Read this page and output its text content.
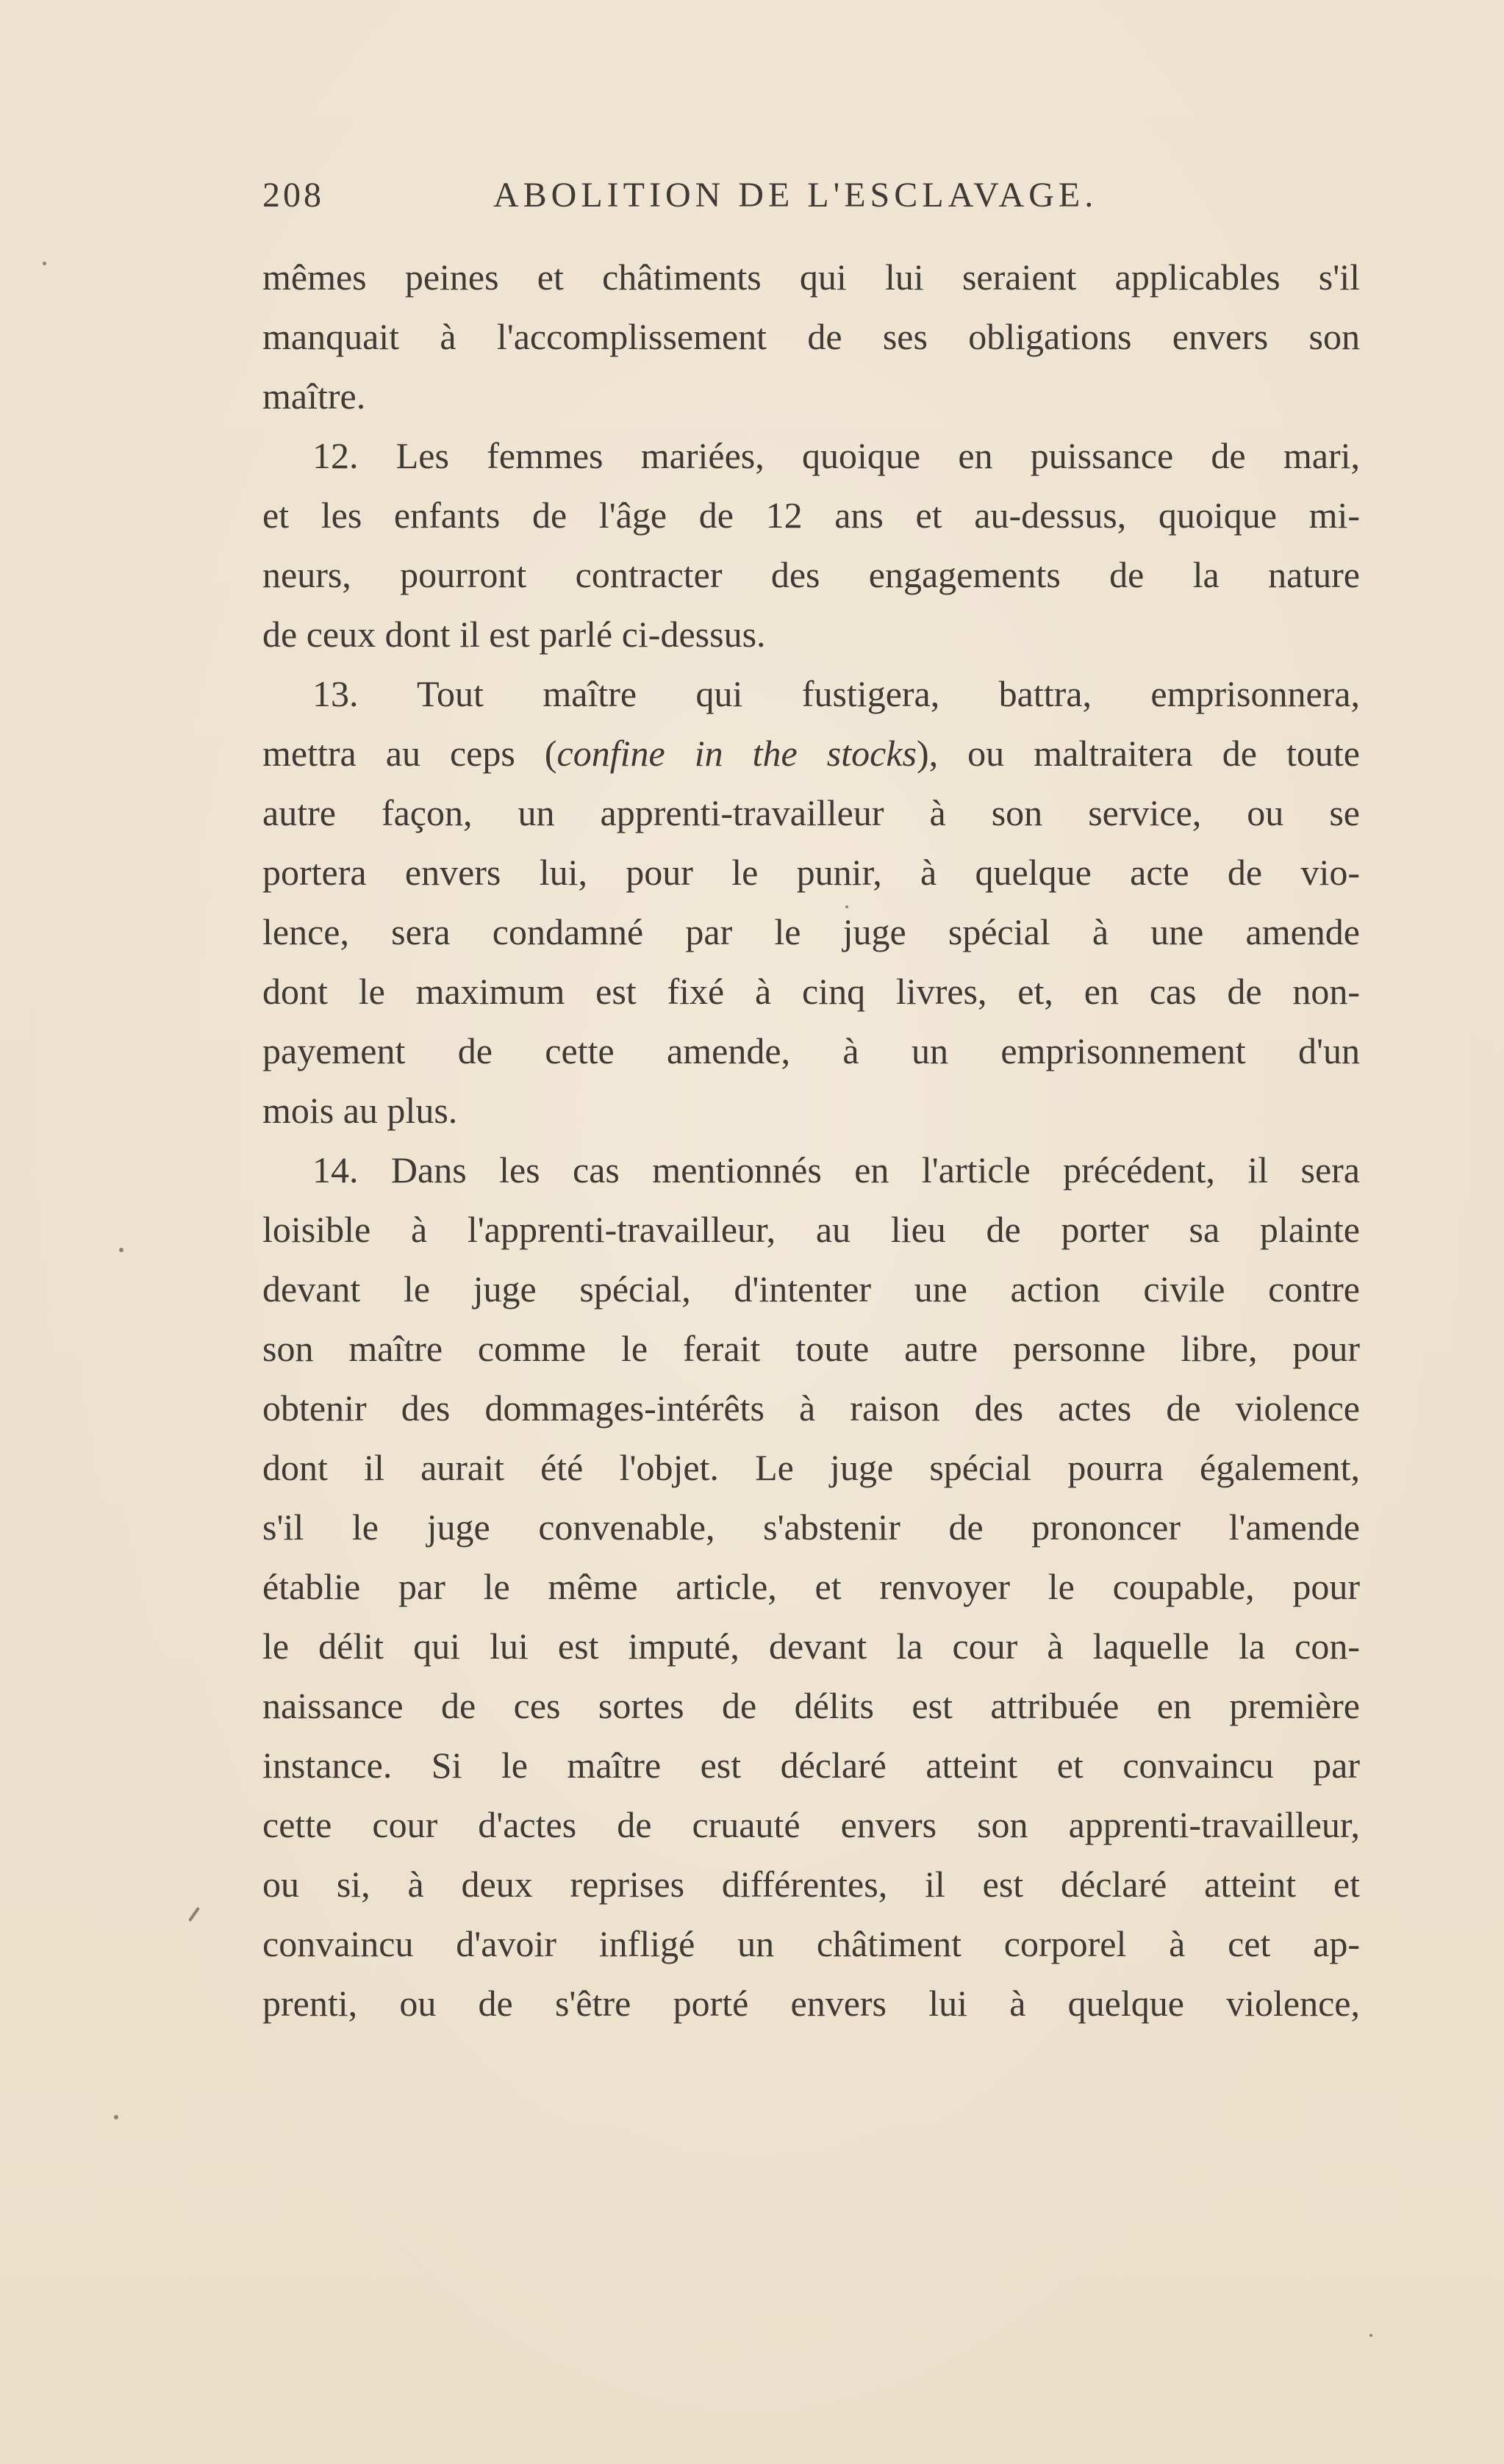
208	ABOLITION DE L'ESCLAVAGE.
mêmes peines et châtiments qui lui seraient applicables s'il
manquait à l'accomplissement de ses obligations envers son
maître.
12. Les femmes mariées, quoique en puissance de mari,
et les enfants de l'âge de 12 ans et au-dessus, quoique mi-
neurs, pourront contracter des engagements de la nature
de ceux dont il est parlé ci-dessus.
13. Tout maître qui fustigera, battra, emprisonnera,
mettra au ceps (confine in the stocks), ou maltraitera de toute
autre façon, un apprenti-travailleur à son service, ou se
portera envers lui, pour le punir, à quelque acte de vio-
lence, sera condamné par le juge spécial à une amende
dont le maximum est fixé à cinq livres, et, en cas de non-
payement de cette amende, à un emprisonnement d'un
mois au plus.
14. Dans les cas mentionnés en l'article précédent, il sera
loisible à l'apprenti-travailleur, au lieu de porter sa plainte
devant le juge spécial, d'intenter une action civile contre
son maître comme le ferait toute autre personne libre, pour
obtenir des dommages-intérêts à raison des actes de violence
dont il aurait été l'objet. Le juge spécial pourra également,
s'il le juge convenable, s'abstenir de prononcer l'amende
établie par le même article, et renvoyer le coupable, pour
le délit qui lui est imputé, devant la cour à laquelle la con-
naissance de ces sortes de délits est attribuée en première
instance. Si le maître est déclaré atteint et convaincu par
cette cour d'actes de cruauté envers son apprenti-travailleur,
ou si, à deux reprises différentes, il est déclaré atteint et
convaincu d'avoir infligé un châtiment corporel à cet ap-
prenti, ou de s'être porté envers lui à quelque violence,
